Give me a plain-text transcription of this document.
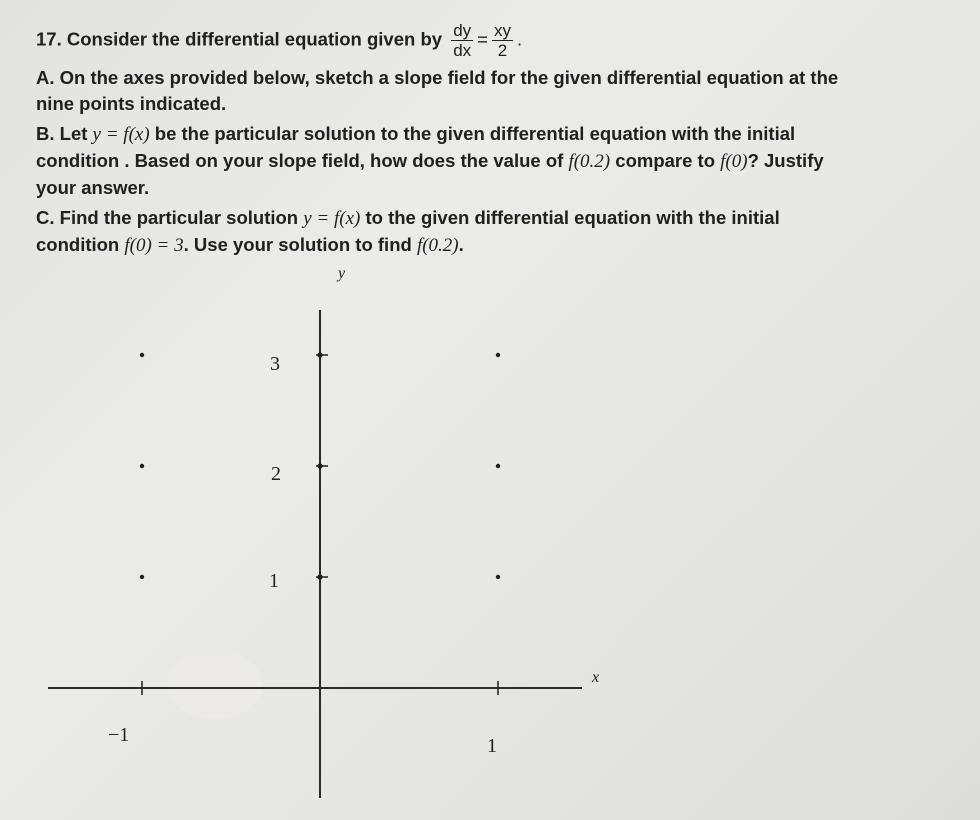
17. Consider the differential equation given by $\frac{dy}{dx} = \frac{xy}{2}$ .
A. On the axes provided below, sketch a slope field for the given differential equation at the
nine points indicated.
B. Let y = f(x) be the particular solution to the given differential equation with the initial
condition . Based on your slope field, how does the value of f(0.2) compare to f(0)? Justify
your answer.
C. Find the particular solution y = f(x) to the given differential equation with the initial
condition f(0) = 3. Use your solution to find f(0.2).
y
x
−1	1
1
2
3
